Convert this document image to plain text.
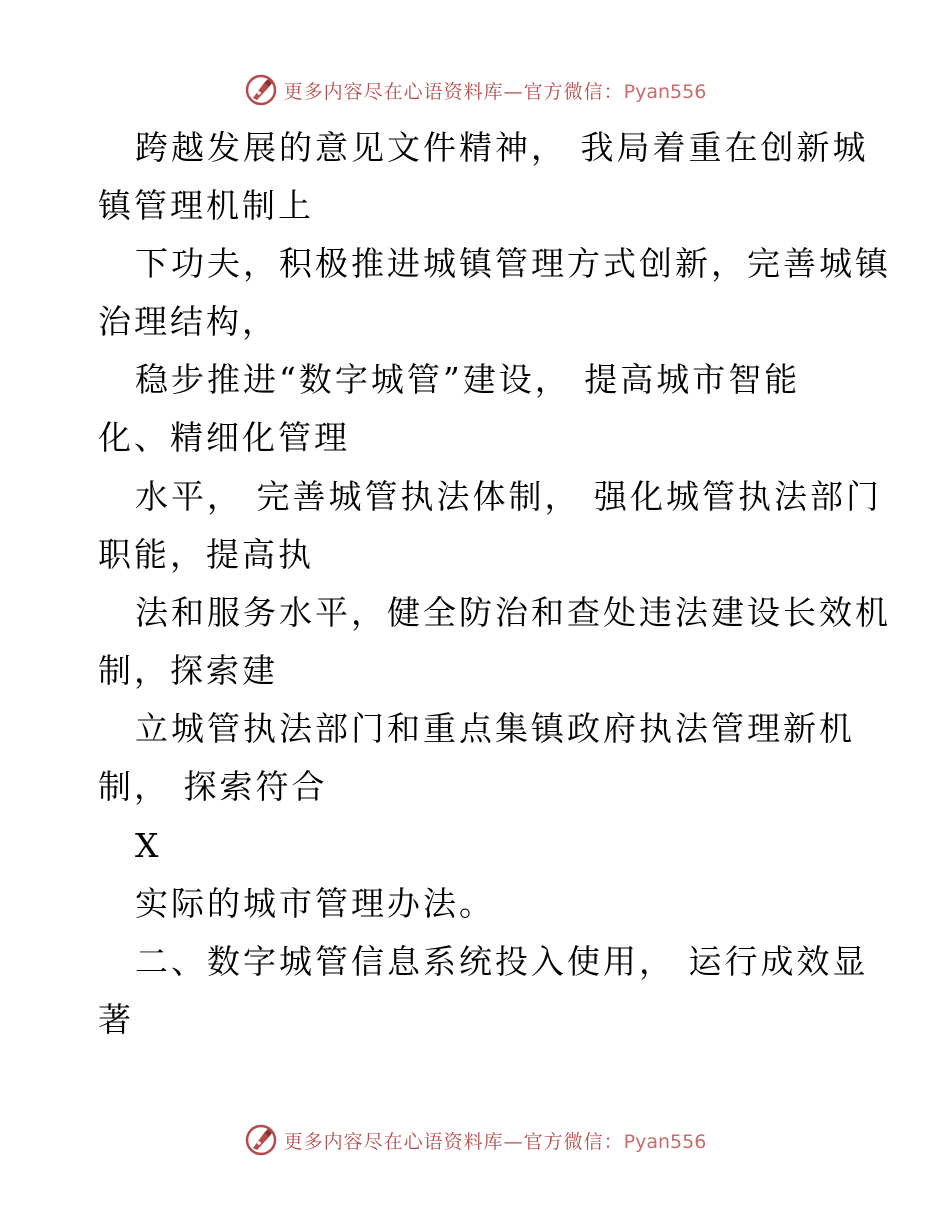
更多内容尽在心语资料库—官方微信：Pyan556
跨越发展的意见文件精神， 我局着重在创新城
镇管理机制上
下功夫，积极推进城镇管理方式创新，完善城镇
治理结构，
稳步推进“数字城管”建设， 提高城市智能
化、精细化管理
水平， 完善城管执法体制， 强化城管执法部门
职能，提高执
法和服务水平，健全防治和查处违法建设长效机
制，探索建
立城管执法部门和重点集镇政府执法管理新机
制， 探索符合
X
实际的城市管理办法。
二、数字城管信息系统投入使用， 运行成效显
著
更多内容尽在心语资料库—官方微信：Pyan556
